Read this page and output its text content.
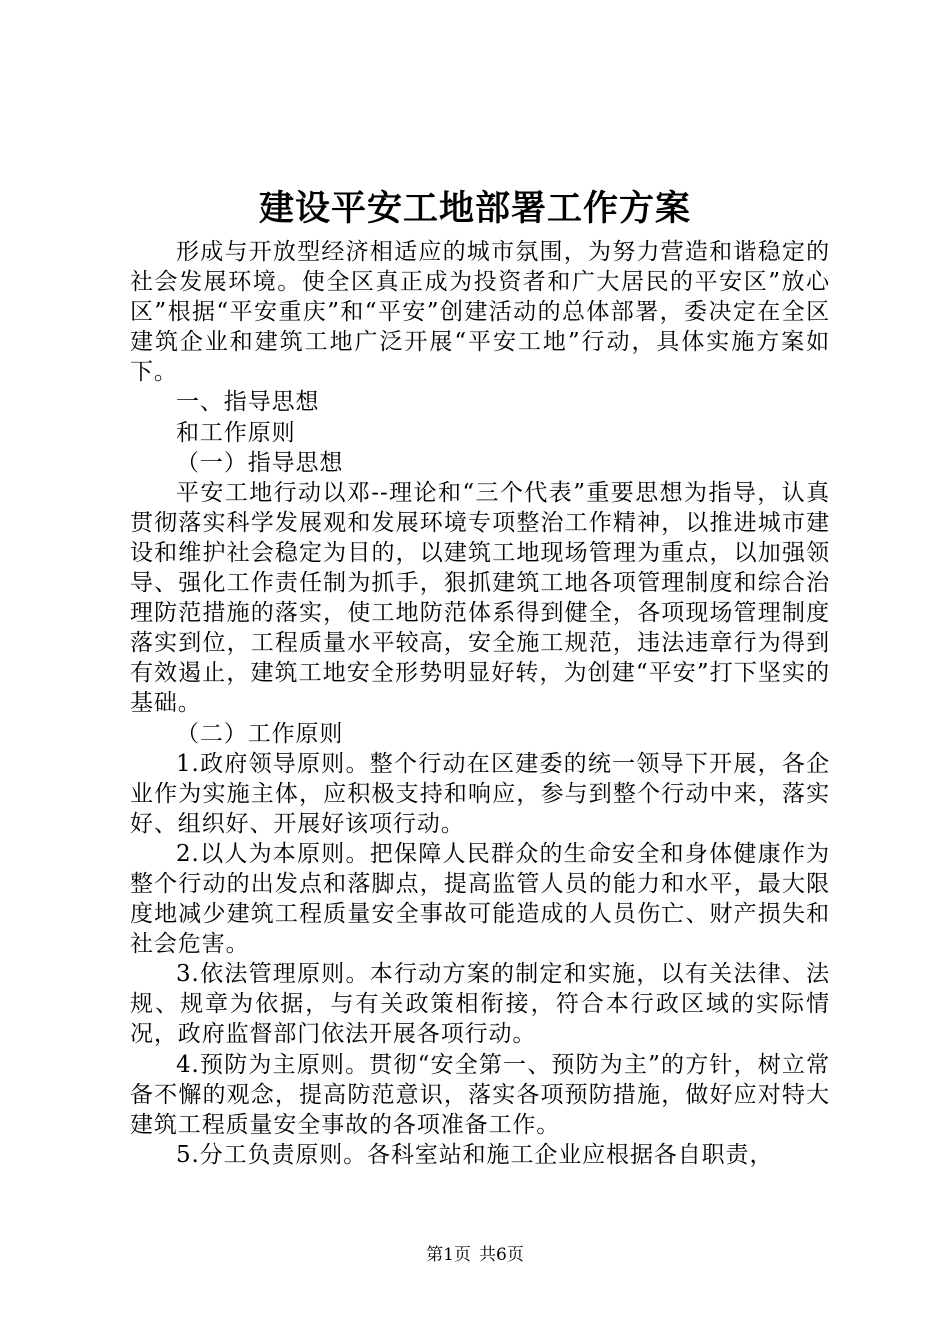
建设平安工地部署工作方案

形成与开放型经济相适应的城市氛围，为努力营造和谐稳定的社会发展环境。使全区真正成为投资者和广大居民的平安区”放心区”根据“平安重庆”和“平安”创建活动的总体部署，委决定在全区建筑企业和建筑工地广泛开展“平安工地”行动，具体实施方案如下。

一、指导思想

和工作原则

（一）指导思想

平安工地行动以邓--理论和“三个代表”重要思想为指导，认真贯彻落实科学发展观和发展环境专项整治工作精神，以推进城市建设和维护社会稳定为目的，以建筑工地现场管理为重点，以加强领导、强化工作责任制为抓手，狠抓建筑工地各项管理制度和综合治理防范措施的落实，使工地防范体系得到健全，各项现场管理制度落实到位，工程质量水平较高，安全施工规范，违法违章行为得到有效遏止，建筑工地安全形势明显好转，为创建“平安”打下坚实的基础。

（二）工作原则

1.政府领导原则。整个行动在区建委的统一领导下开展，各企业作为实施主体，应积极支持和响应，参与到整个行动中来，落实好、组织好、开展好该项行动。

2.以人为本原则。把保障人民群众的生命安全和身体健康作为整个行动的出发点和落脚点，提高监管人员的能力和水平，最大限度地减少建筑工程质量安全事故可能造成的人员伤亡、财产损失和社会危害。

3.依法管理原则。本行动方案的制定和实施，以有关法律、法规、规章为依据，与有关政策相衔接，符合本行政区域的实际情况，政府监督部门依法开展各项行动。

4.预防为主原则。贯彻“安全第一、预防为主”的方针，树立常备不懈的观念，提高防范意识，落实各项预防措施，做好应对特大建筑工程质量安全事故的各项准备工作。

5.分工负责原则。各科室站和施工企业应根据各自职责，

第1页 共6页
